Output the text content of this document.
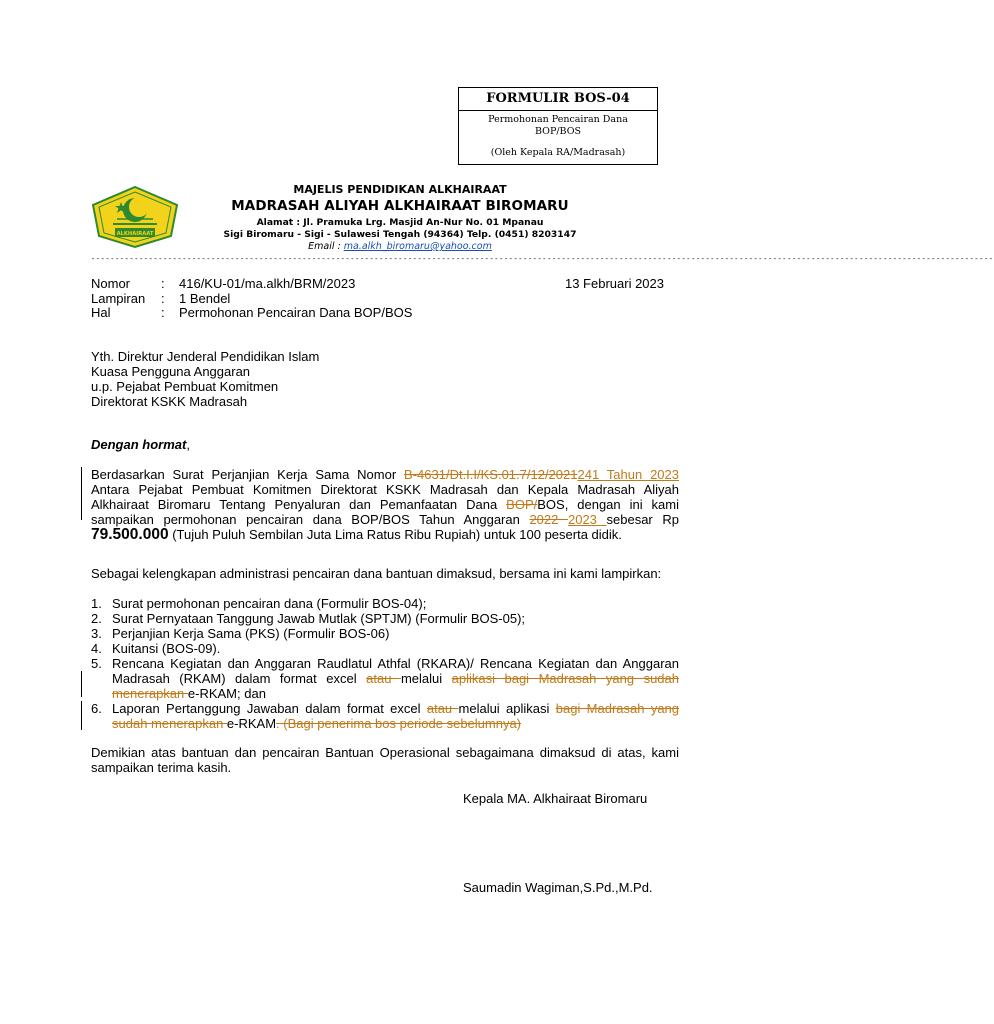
FORMULIR BOS-04
Permohonan Pencairan Dana
BOP/BOS
(Oleh Kepala RA/Madrasah)
ALKHAIRAAT
MAJELIS PENDIDIKAN ALKHAIRAAT
MADRASAH ALIYAH ALKHAIRAAT BIROMARU
Alamat : Jl. Pramuka Lrg. Masjid An-Nur No. 01 Mpanau
Sigi Biromaru - Sigi - Sulawesi Tengah (94364) Telp. (0451) 8203147
Email : ma.alkh_biromaru@yahoo.com
--------------------------------------------------------------------------------------------------------------------------------------------------------------------------------------------
Nomor : 416/KU-01/ma.alkh/BRM/2023	13 Februari 2023
Lampiran : 1 Bendel
Hal	: Permohonan Pencairan Dana BOP/BOS
Yth. Direktur Jenderal Pendidikan Islam
Kuasa Pengguna Anggaran
u.p. Pejabat Pembuat Komitmen
Direktorat KSKK Madrasah
Dengan hormat,
Berdasarkan Surat Perjanjian Kerja Sama Nomor B-4631/Dt.I.I/KS.01.7/12/2021241 Tahun 2023 Antara Pejabat Pembuat Komitmen Direktorat KSKK Madrasah dan Kepala Madrasah Aliyah Alkhairaat Biromaru Tentang Penyaluran dan Pemanfaatan Dana BOP/BOS, dengan ini kami sampaikan permohonan pencairan dana BOP/BOS Tahun Anggaran 2022 2023 sebesar Rp 79.500.000 (Tujuh Puluh Sembilan Juta Lima Ratus Ribu Rupiah) untuk 100 peserta didik.
Sebagai kelengkapan administrasi pencairan dana bantuan dimaksud, bersama ini kami lampirkan:
1. Surat permohonan pencairan dana (Formulir BOS-04);
2. Surat Pernyataan Tanggung Jawab Mutlak (SPTJM) (Formulir BOS-05);
3. Perjanjian Kerja Sama (PKS) (Formulir BOS-06)
4. Kuitansi (BOS-09).
5. Rencana Kegiatan dan Anggaran Raudlatul Athfal (RKARA)/ Rencana Kegiatan dan Anggaran Madrasah (RKAM) dalam format excel atau melalui aplikasi bagi Madrasah yang sudah menerapkan e-RKAM; dan
6. Laporan Pertanggung Jawaban dalam format excel atau melalui aplikasi bagi Madrasah yang sudah menerapkan e-RKAM. (Bagi penerima bos periode sebelumnya)
Demikian atas bantuan dan pencairan Bantuan Operasional sebagaimana dimaksud di atas, kami sampaikan terima kasih.
Kepala MA. Alkhairaat Biromaru
Saumadin Wagiman,S.Pd.,M.Pd.
